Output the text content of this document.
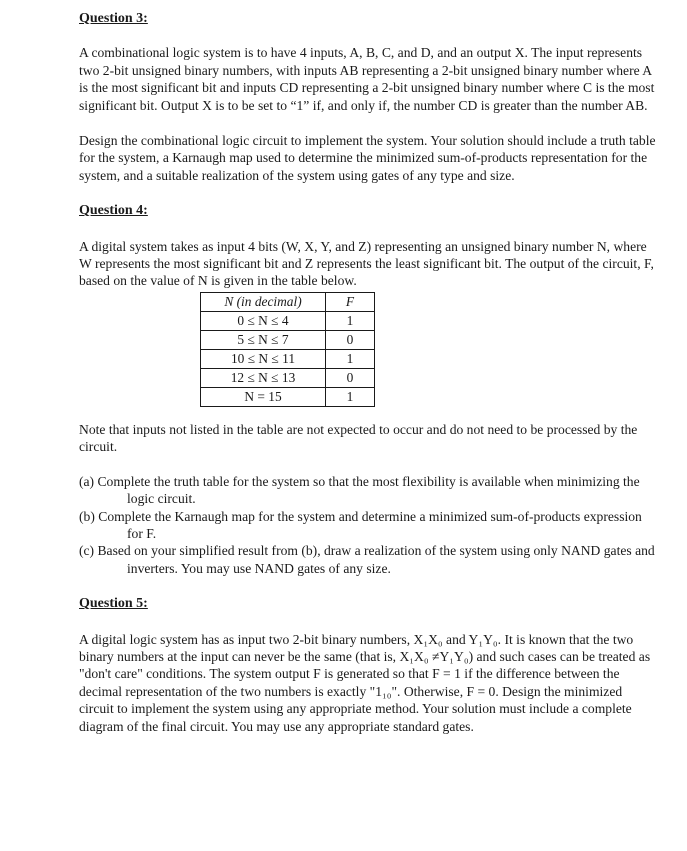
Question 3:

A combinational logic system is to have 4 inputs, A, B, C, and D, and an output X. The input represents two 2-bit unsigned binary numbers, with inputs AB representing a 2-bit unsigned binary number where A is the most significant bit and inputs CD representing a 2-bit unsigned binary number where C is the most significant bit. Output X is to be set to “1” if, and only if, the number CD is greater than the number AB.

Design the combinational logic circuit to implement the system. Your solution should include a truth table for the system, a Karnaugh map used to determine the minimized sum-of-products representation for the system, and a suitable realization of the system using gates of any type and size.

Question 4:

A digital system takes as input 4 bits (W, X, Y, and Z) representing an unsigned binary number N, where W represents the most significant bit and Z represents the least significant bit. The output of the circuit, F, based on the value of N is given in the table below.

N (in decimal)	F
0 ≤ N ≤ 4	1
5 ≤ N ≤ 7	0
10 ≤ N ≤ 11	1
12 ≤ N ≤ 13	0
N = 15	1

Note that inputs not listed in the table are not expected to occur and do not need to be processed by the circuit.

(a) Complete the truth table for the system so that the most flexibility is available when minimizing the logic circuit.

(b) Complete the Karnaugh map for the system and determine a minimized sum-of-products expression for F.

(c) Based on your simplified result from (b), draw a realization of the system using only NAND gates and inverters. You may use NAND gates of any size.

Question 5:

A digital logic system has as input two 2-bit binary numbers, X₁X₀ and Y₁Y₀. It is known that the two binary numbers at the input can never be the same (that is, X₁X₀ ≠Y₁Y₀) and such cases can be treated as "don't care" conditions. The system output F is generated so that F = 1 if the difference between the decimal representation of the two numbers is exactly "1₁₀". Otherwise, F = 0. Design the minimized circuit to implement the system using any appropriate method. Your solution must include a complete diagram of the final circuit. You may use any appropriate standard gates.
